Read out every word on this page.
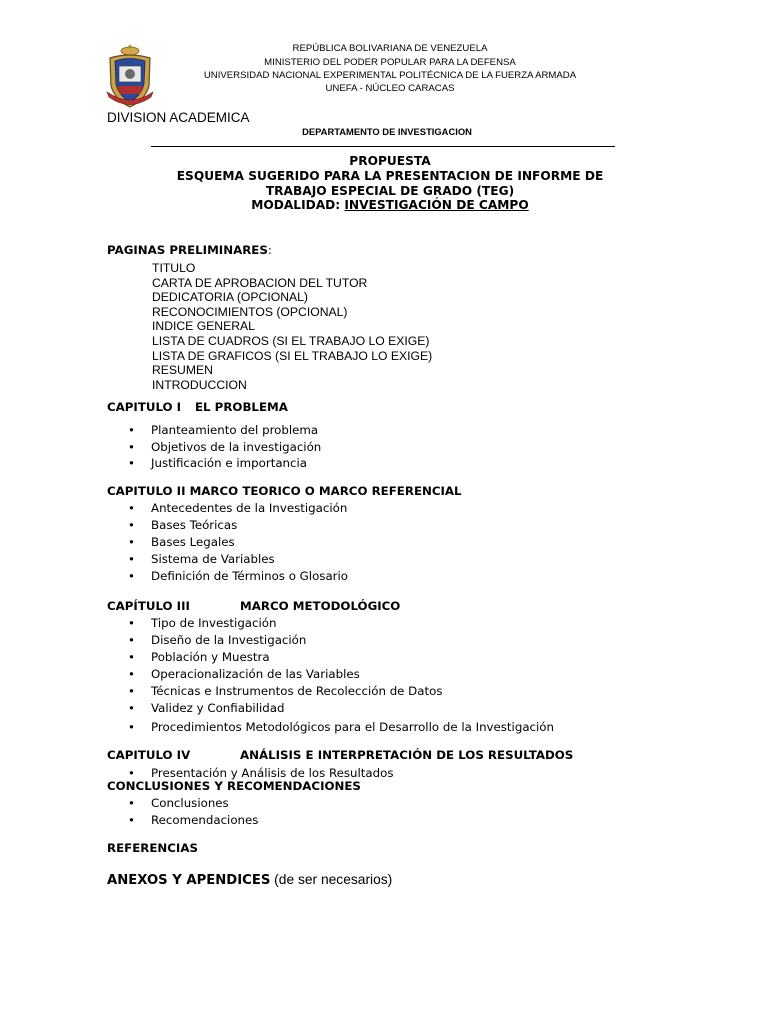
REPÚBLICA BOLIVARIANA DE VENEZUELA
MINISTERIO DEL PODER POPULAR PARA LA DEFENSA
UNIVERSIDAD NACIONAL EXPERIMENTAL POLITÉCNICA DE LA FUERZA ARMADA
UNEFA - NÚCLEO CARACAS
DIVISION ACADEMICA
DEPARTAMENTO DE INVESTIGACION
PROPUESTA
ESQUEMA SUGERIDO PARA LA PRESENTACION DE INFORME DE
TRABAJO ESPECIAL DE GRADO (TEG)
MODALIDAD: INVESTIGACIÓN DE CAMPO
PAGINAS PRELIMINARES:
TITULO
CARTA DE APROBACION DEL TUTOR
DEDICATORIA (OPCIONAL)
RECONOCIMIENTOS (OPCIONAL)
INDICE GENERAL
LISTA DE CUADROS (SI EL TRABAJO LO EXIGE)
LISTA DE GRAFICOS (SI EL TRABAJO LO EXIGE)
RESUMEN
INTRODUCCION
CAPITULO I EL PROBLEMA
• Planteamiento del problema
• Objetivos de la investigación
• Justificación e importancia
CAPITULO II MARCO TEORICO O MARCO REFERENCIAL
• Antecedentes de la Investigación
• Bases Teóricas
• Bases Legales
• Sistema de Variables
• Definición de Términos o Glosario
CAPÍTULO III	MARCO METODOLÓGICO
• Tipo de Investigación
• Diseño de la Investigación
• Población y Muestra
• Operacionalización de las Variables
• Técnicas e Instrumentos de Recolección de Datos
• Validez y Confiabilidad
• Procedimientos Metodológicos para el Desarrollo de la Investigación
CAPITULO IV	ANÁLISIS E INTERPRETACIÓN DE LOS RESULTADOS
• Presentación y Análisis de los Resultados
CONCLUSIONES Y RECOMENDACIONES
• Conclusiones
• Recomendaciones
REFERENCIAS
ANEXOS Y APENDICES (de ser necesarios)
